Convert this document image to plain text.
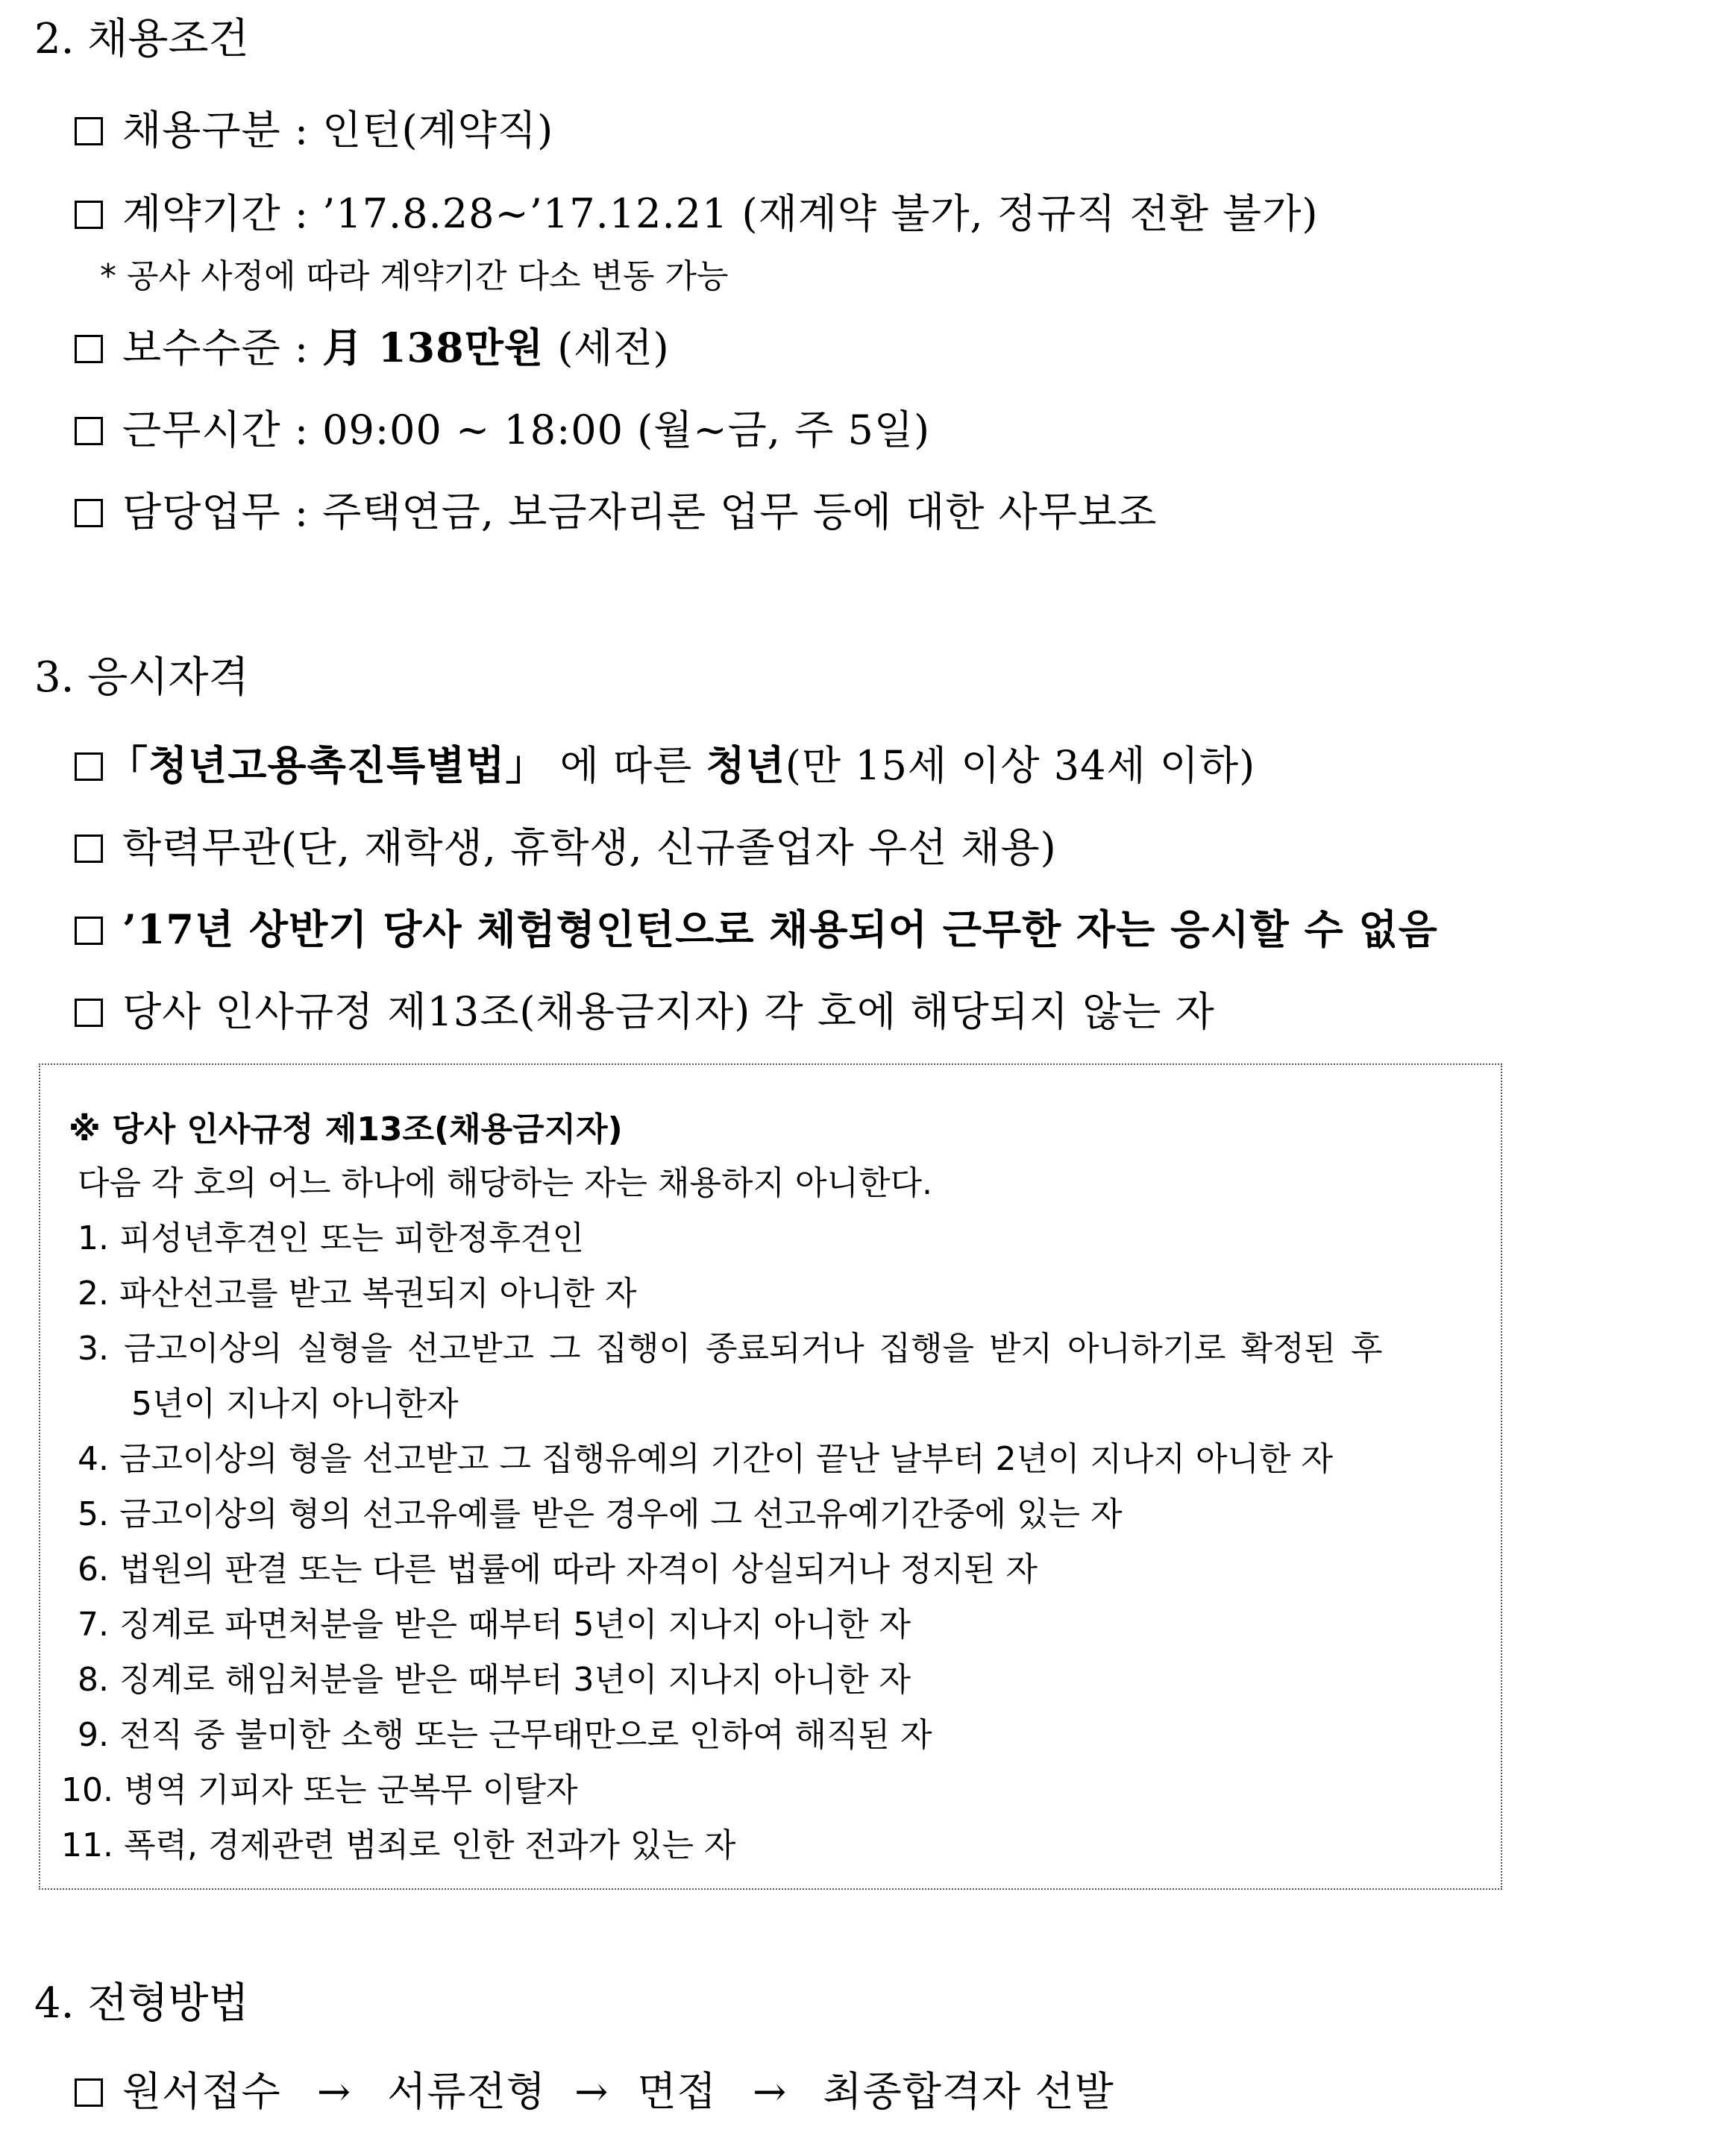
2. 채용조건
채용구분 : 인턴(계약직)
계약기간 : ’17.8.28~’17.12.21 (재계약 불가, 정규직 전환 불가)
* 공사 사정에 따라 계약기간 다소 변동 가능
보수수준 : 月 138만원 (세전)
근무시간 : 09:00 ~ 18:00 (월~금, 주 5일)
담당업무 : 주택연금, 보금자리론 업무 등에 대한 사무보조
3. 응시자격
「청년고용촉진특별법」 에 따른 청년(만 15세 이상 34세 이하)
학력무관(단, 재학생, 휴학생, 신규졸업자 우선 채용)
’17년 상반기 당사 체험형인턴으로 채용되어 근무한 자는 응시할 수 없음
당사 인사규정 제13조(채용금지자) 각 호에 해당되지 않는 자
※ 당사 인사규정 제13조(채용금지자)
다음 각 호의 어느 하나에 해당하는 자는 채용하지 아니한다.
1. 피성년후견인 또는 피한정후견인
2. 파산선고를 받고 복권되지 아니한 자
3. 금고이상의 실형을 선고받고 그 집행이 종료되거나 집행을 받지 아니하기로 확정된 후
5년이 지나지 아니한자
4. 금고이상의 형을 선고받고 그 집행유예의 기간이 끝난 날부터 2년이 지나지 아니한 자
5. 금고이상의 형의 선고유예를 받은 경우에 그 선고유예기간중에 있는 자
6. 법원의 판결 또는 다른 법률에 따라 자격이 상실되거나 정지된 자
7. 징계로 파면처분을 받은 때부터 5년이 지나지 아니한 자
8. 징계로 해임처분을 받은 때부터 3년이 지나지 아니한 자
9. 전직 중 불미한 소행 또는 근무태만으로 인하여 해직된 자
10. 병역 기피자 또는 군복무 이탈자
11. 폭력, 경제관련 범죄로 인한 전과가 있는 자
4. 전형방법
원서접수 → 서류전형 → 면접 → 최종합격자 선발
